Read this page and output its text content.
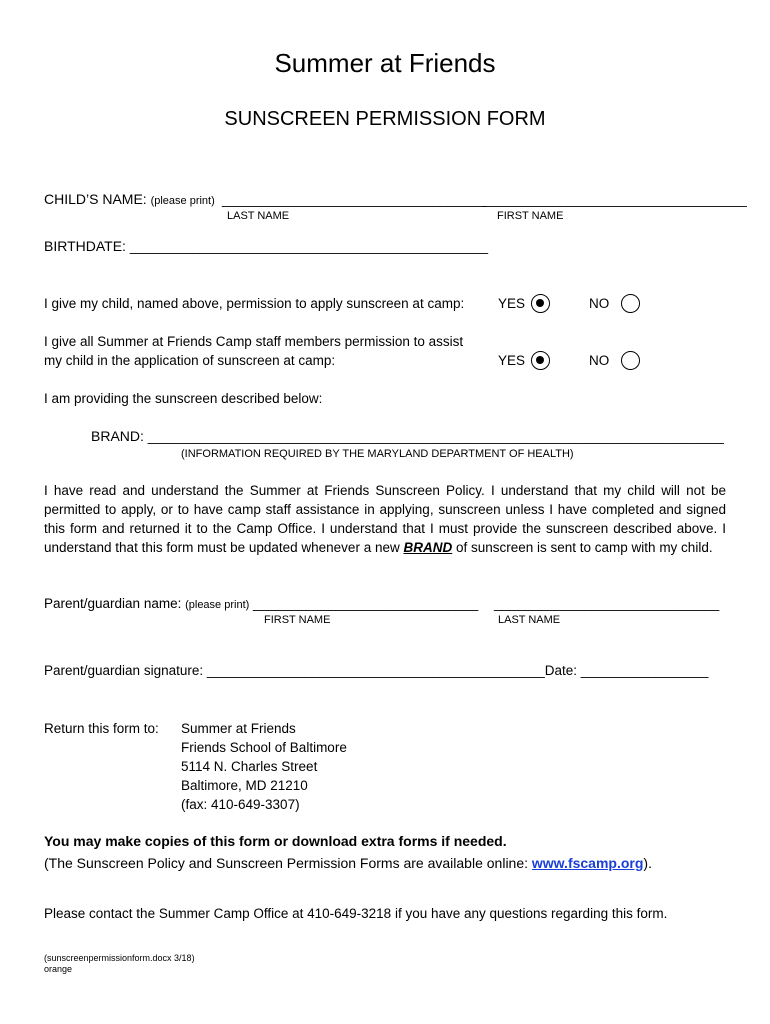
Summer at Friends
SUNSCREEN PERMISSION FORM
CHILD’S NAME: (please print) __________________________________
__________________________________
LAST NAME	FIRST NAME
BIRTHDATE: ______________________________________________
I give my child, named above, permission to apply sunscreen at camp:	YES	NO
I give all Summer at Friends Camp staff members permission to assist
my child in the application of sunscreen at camp:	YES	NO
I am providing the sunscreen described below:
BRAND: __________________________________________________________________________
(INFORMATION REQUIRED BY THE MARYLAND DEPARTMENT OF HEALTH)
I have read and understand the Summer at Friends Sunscreen Policy. I understand that my child will not be permitted to apply, or to have camp staff assistance in applying, sunscreen unless I have completed and signed this form and returned it to the Camp Office. I understand that I must provide the sunscreen described above. I understand that this form must be updated whenever a new BRAND of sunscreen is sent to camp with my child.
Parent/guardian name: (please print) ______________________________ ______________________________
FIRST NAME	LAST NAME
Parent/guardian signature: _____________________________________________Date: _________________
Return this form to: Summer at Friends
Friends School of Baltimore
5114 N. Charles Street
Baltimore, MD 21210
(fax: 410-649-3307)
You may make copies of this form or download extra forms if needed.
(The Sunscreen Policy and Sunscreen Permission Forms are available online: www.fscamp.org).
Please contact the Summer Camp Office at 410-649-3218 if you have any questions regarding this form.
(sunscreenpermissionform.docx 3/18)
orange
